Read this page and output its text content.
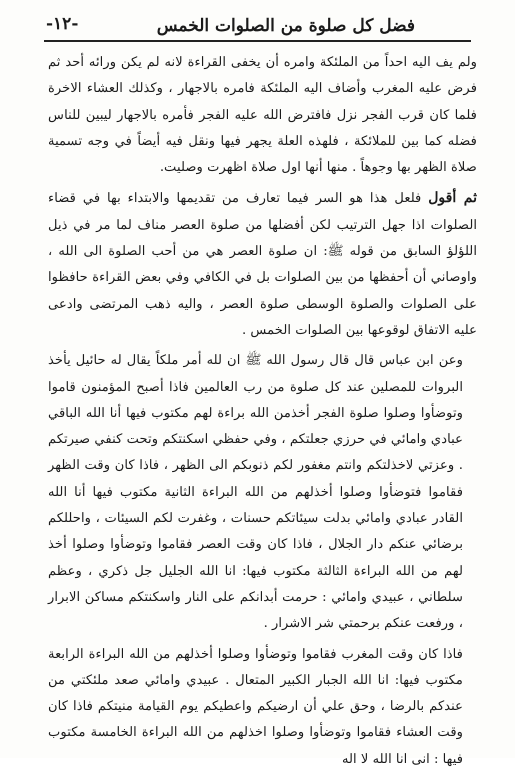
فضل كل صلوة من الصلوات الخمس
-۱۲-

ولم يف اليه احداً من الملئكة وامره أن يخفى القراءة لانه لم يكن ورائه أحد ثم فرض عليه المغرب وأضاف اليه الملئكة فامره بالاجهار ، وكذلك العشاء الاخرة فلما كان قرب الفجر نزل فافترض الله عليه الفجر فأمره بالاجهار ليبين للناس فضله كما بين للملائكة ، فلهذه العلة يجهر فيها ونقل فيه أيضاً في وجه تسمية صلاة الظهر بها وجوهاً . منها أنها اول صلاة اظهرت وصليت.

ثم أقول فلعل هذا هو السر فيما تعارف من تقديمها والابتداء بها في قضاء الصلوات اذا جهل الترتيب لكن أفضلها من صلوة العصر مناف لما مر في ذيل اللؤلؤ السابق من قوله ﷺ: ان صلوة العصر هي من أحب الصلوة الى الله ، واوصاني أن أحفظها من بين الصلوات بل في الكافي وفي بعض القراءة حافظوا على الصلوات والصلوة الوسطى صلوة العصر ، واليه ذهب المرتضى وادعى عليه الاتفاق لوقوعها بين الصلوات الخمس .

وعن ابن عباس قال قال رسول الله ﷺ ان لله أمر ملكاً يقال له حائيل يأخذ البروات للمصلين عند كل صلوة من رب العالمين فاذا أصبح المؤمنون قاموا وتوضأوا وصلوا صلوة الفجر أخذمن الله براءة لهم مكتوب فيها أنا الله الباقي عبادي وامائي في حرزي جعلتكم ، وفي حفظي اسكنتكم وتحت كنفي صيرتكم . وعزتي لاخذلتكم وانتم مغفور لكم ذنوبكم الى الظهر ، فاذا كان وقت الظهر فقاموا فتوضأوا وصلوا أخذلهم من الله البراءة الثانية مكتوب فيها أنا الله القادر عبادي وامائي بدلت سيئاتكم حسنات ، وغفرت لكم السيئات ، واحللكم برضائي عنكم دار الجلال ، فاذا كان وقت العصر فقاموا وتوضأوا وصلوا أخذ لهم من الله البراءة الثالثة مكتوب فيها: انا الله الجليل جل ذكري ، وعظم سلطاني ، عبيدي وامائي : حرمت أبدانكم على النار واسكنتكم مساكن الابرار ، ورفعت عنكم برحمتي شر الاشرار .

فاذا كان وقت المغرب فقاموا وتوضأوا وصلوا أخذلهم من الله البراءة الرابعة مكتوب فيها: انا الله الجبار الكبير المتعال . عبيدي وامائي صعد ملئكتي من عندكم بالرضا ، وحق علي أن ارضيكم واعطيكم يوم القيامة منيتكم فاذا كان وقت العشاء فقاموا وتوضأوا وصلوا اخذلهم من الله البراءة الخامسة مكتوب فيها : انى انا الله لا اله
